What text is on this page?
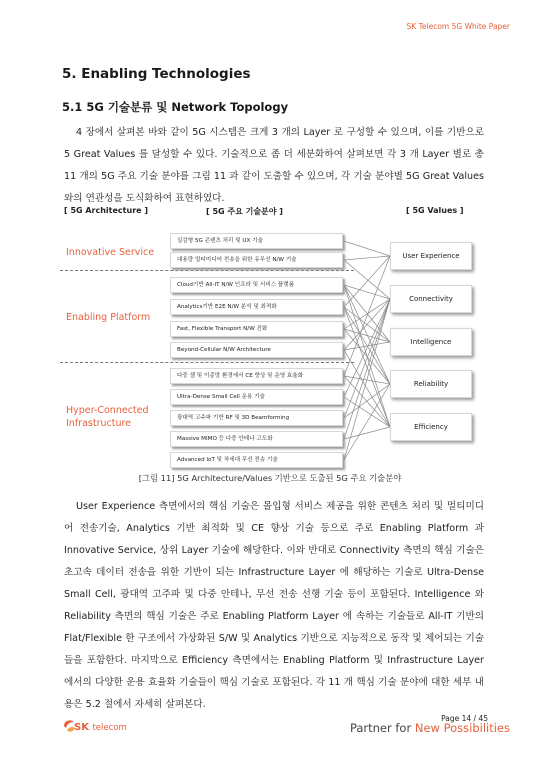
SK Telecom 5G White Paper
5. Enabling Technologies
5.1 5G 기술분류 및 Network Topology
4 장에서 살펴본 바와 같이 5G 시스템은 크게 3 개의 Layer 로 구성할 수 있으며, 이를 기반으로 5 Great Values 를 달성할 수 있다. 기술적으로 좀 더 세분화하여 살펴보면 각 3 개 Layer 별로 총 11 개의 5G 주요 기술 분야를 그림 11 과 같이 도출할 수 있으며, 각 기술 분야별 5G Great Values 와의 연관성을 도식화하여 표현하였다.
[ 5G Architecture ]	[ 5G 주요 기술분야 ]	[ 5G Values ]
Innovative Service
Enabling Platform
Hyper-Connected Infrastructure
실감형 5G 콘텐츠 처리 및 UX 기술
대용량 멀티미디어 전송을 위한 유무선 N/W 기술
Cloud기반 All-IT N/W 인프라 및 서비스 플랫폼
Analytics기반 E2E N/W 분석 및 최적화
Fast, Flexible Transport N/W 진화
Beyond-Cellular N/W Architecture
다중 셀 및 이종망 환경에서 CE 향상 및 운영 효율화
Ultra-Dense Small Cell 운용 기술
광대역 고주파 기반 RF 및 3D Beamforming
Massive MIMO 등 다중 안테나 고도화
Advanced IoT 및 차세대 무선 전송 기술
User Experience
Connectivity
Intelligence
Reliability
Efficiency
[그림 11] 5G Architecture/Values 기반으로 도출된 5G 주요 기술분야
User Experience 측면에서의 핵심 기술은 몰입형 서비스 제공을 위한 콘텐츠 처리 및 멀티미디어 전송기술, Analytics 기반 최적화 및 CE 향상 기술 등으로 주로 Enabling Platform 과 Innovative Service, 상위 Layer 기술에 해당한다. 이와 반대로 Connectivity 측면의 핵심 기술은 초고속 데이터 전송을 위한 기반이 되는 Infrastructure Layer 에 해당하는 기술로 Ultra-Dense Small Cell, 광대역 고주파 및 다중 안테나, 무선 전송 선행 기술 등이 포함된다. Intelligence 와 Reliability 측면의 핵심 기술은 주로 Enabling Platform Layer 에 속하는 기술들로 All-IT 기반의 Flat/Flexible 한 구조에서 가상화된 S/W 및 Analytics 기반으로 지능적으로 동작 및 제어되는 기술들을 포함한다. 마지막으로 Efficiency 측면에서는 Enabling Platform 및 Infrastructure Layer 에서의 다양한 운용 효율화 기술들이 핵심 기술로 포함된다. 각 11 개 핵심 기술 분야에 대한 세부 내용은 5.2 절에서 자세히 살펴본다.
Page 14 / 45
SK telecom	Partner for New Possibilities
